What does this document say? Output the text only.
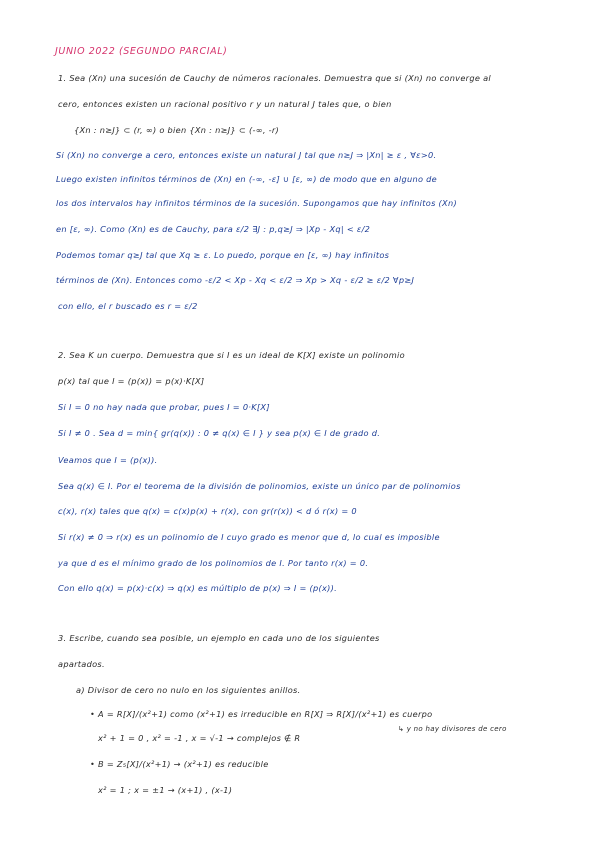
JUNIO 2022 (SEGUNDO PARCIAL)
1. Sea (Xn) una sucesión de Cauchy de números racionales. Demuestra que si (Xn) no converge al
cero, entonces existen un racional positivo r y un natural J tales que, o bien
{Xn : n≥J} ⊂ (r, ∞) o bien {Xn : n≥J} ⊂ (-∞, -r)
Si (Xn) no converge a cero, entonces existe un natural J tal que n≥J ⇒ |Xn| ≥ ε , ∀ε>0.
Luego existen infinitos términos de (Xn) en (-∞, -ε] ∪ [ε, ∞) de modo que en alguno de
los dos intervalos hay infinitos términos de la sucesión. Supongamos que hay infinitos (Xn)
en [ε, ∞). Como (Xn) es de Cauchy, para ε/2 ∃J : p,q≥J ⇒ |Xp - Xq| < ε/2
Podemos tomar q≥J tal que Xq ≥ ε. Lo puedo, porque en [ε, ∞) hay infinitos
términos de (Xn). Entonces como -ε/2 < Xp - Xq < ε/2 ⇒ Xp > Xq - ε/2 ≥ ε/2 ∀p≥J
con ello, el r buscado es r = ε/2
2. Sea K un cuerpo. Demuestra que si I es un ideal de K[X] existe un polinomio
p(x) tal que I = (p(x)) = p(x)·K[X]
Si I = 0 no hay nada que probar, pues I = 0·K[X]
Si I ≠ 0 . Sea d = min{ gr(q(x)) : 0 ≠ q(x) ∈ I } y sea p(x) ∈ I de grado d.
Veamos que I = (p(x)).
Sea q(x) ∈ I. Por el teorema de la división de polinomios, existe un único par de polinomios
c(x), r(x) tales que q(x) = c(x)p(x) + r(x), con gr(r(x)) < d ó r(x) = 0
Si r(x) ≠ 0 ⇒ r(x) es un polinomio de I cuyo grado es menor que d, lo cual es imposible
ya que d es el mínimo grado de los polinomios de I. Por tanto r(x) = 0.
Con ello q(x) = p(x)·c(x) ⇒ q(x) es múltiplo de p(x) ⇒ I = (p(x)).
3. Escribe, cuando sea posible, un ejemplo en cada uno de los siguientes
apartados.
a) Divisor de cero no nulo en los siguientes anillos.
• A = R[X]/(x²+1) como (x²+1) es irreducible en R[X] ⇒ R[X]/(x²+1) es cuerpo
↳ y no hay divisores de cero
x² + 1 = 0 , x² = -1 , x = √-1 → complejos ∉ R
• B = Z₅[X]/(x²+1) → (x²+1) es reducible
x² = 1 ; x = ±1 → (x+1) , (x-1)
